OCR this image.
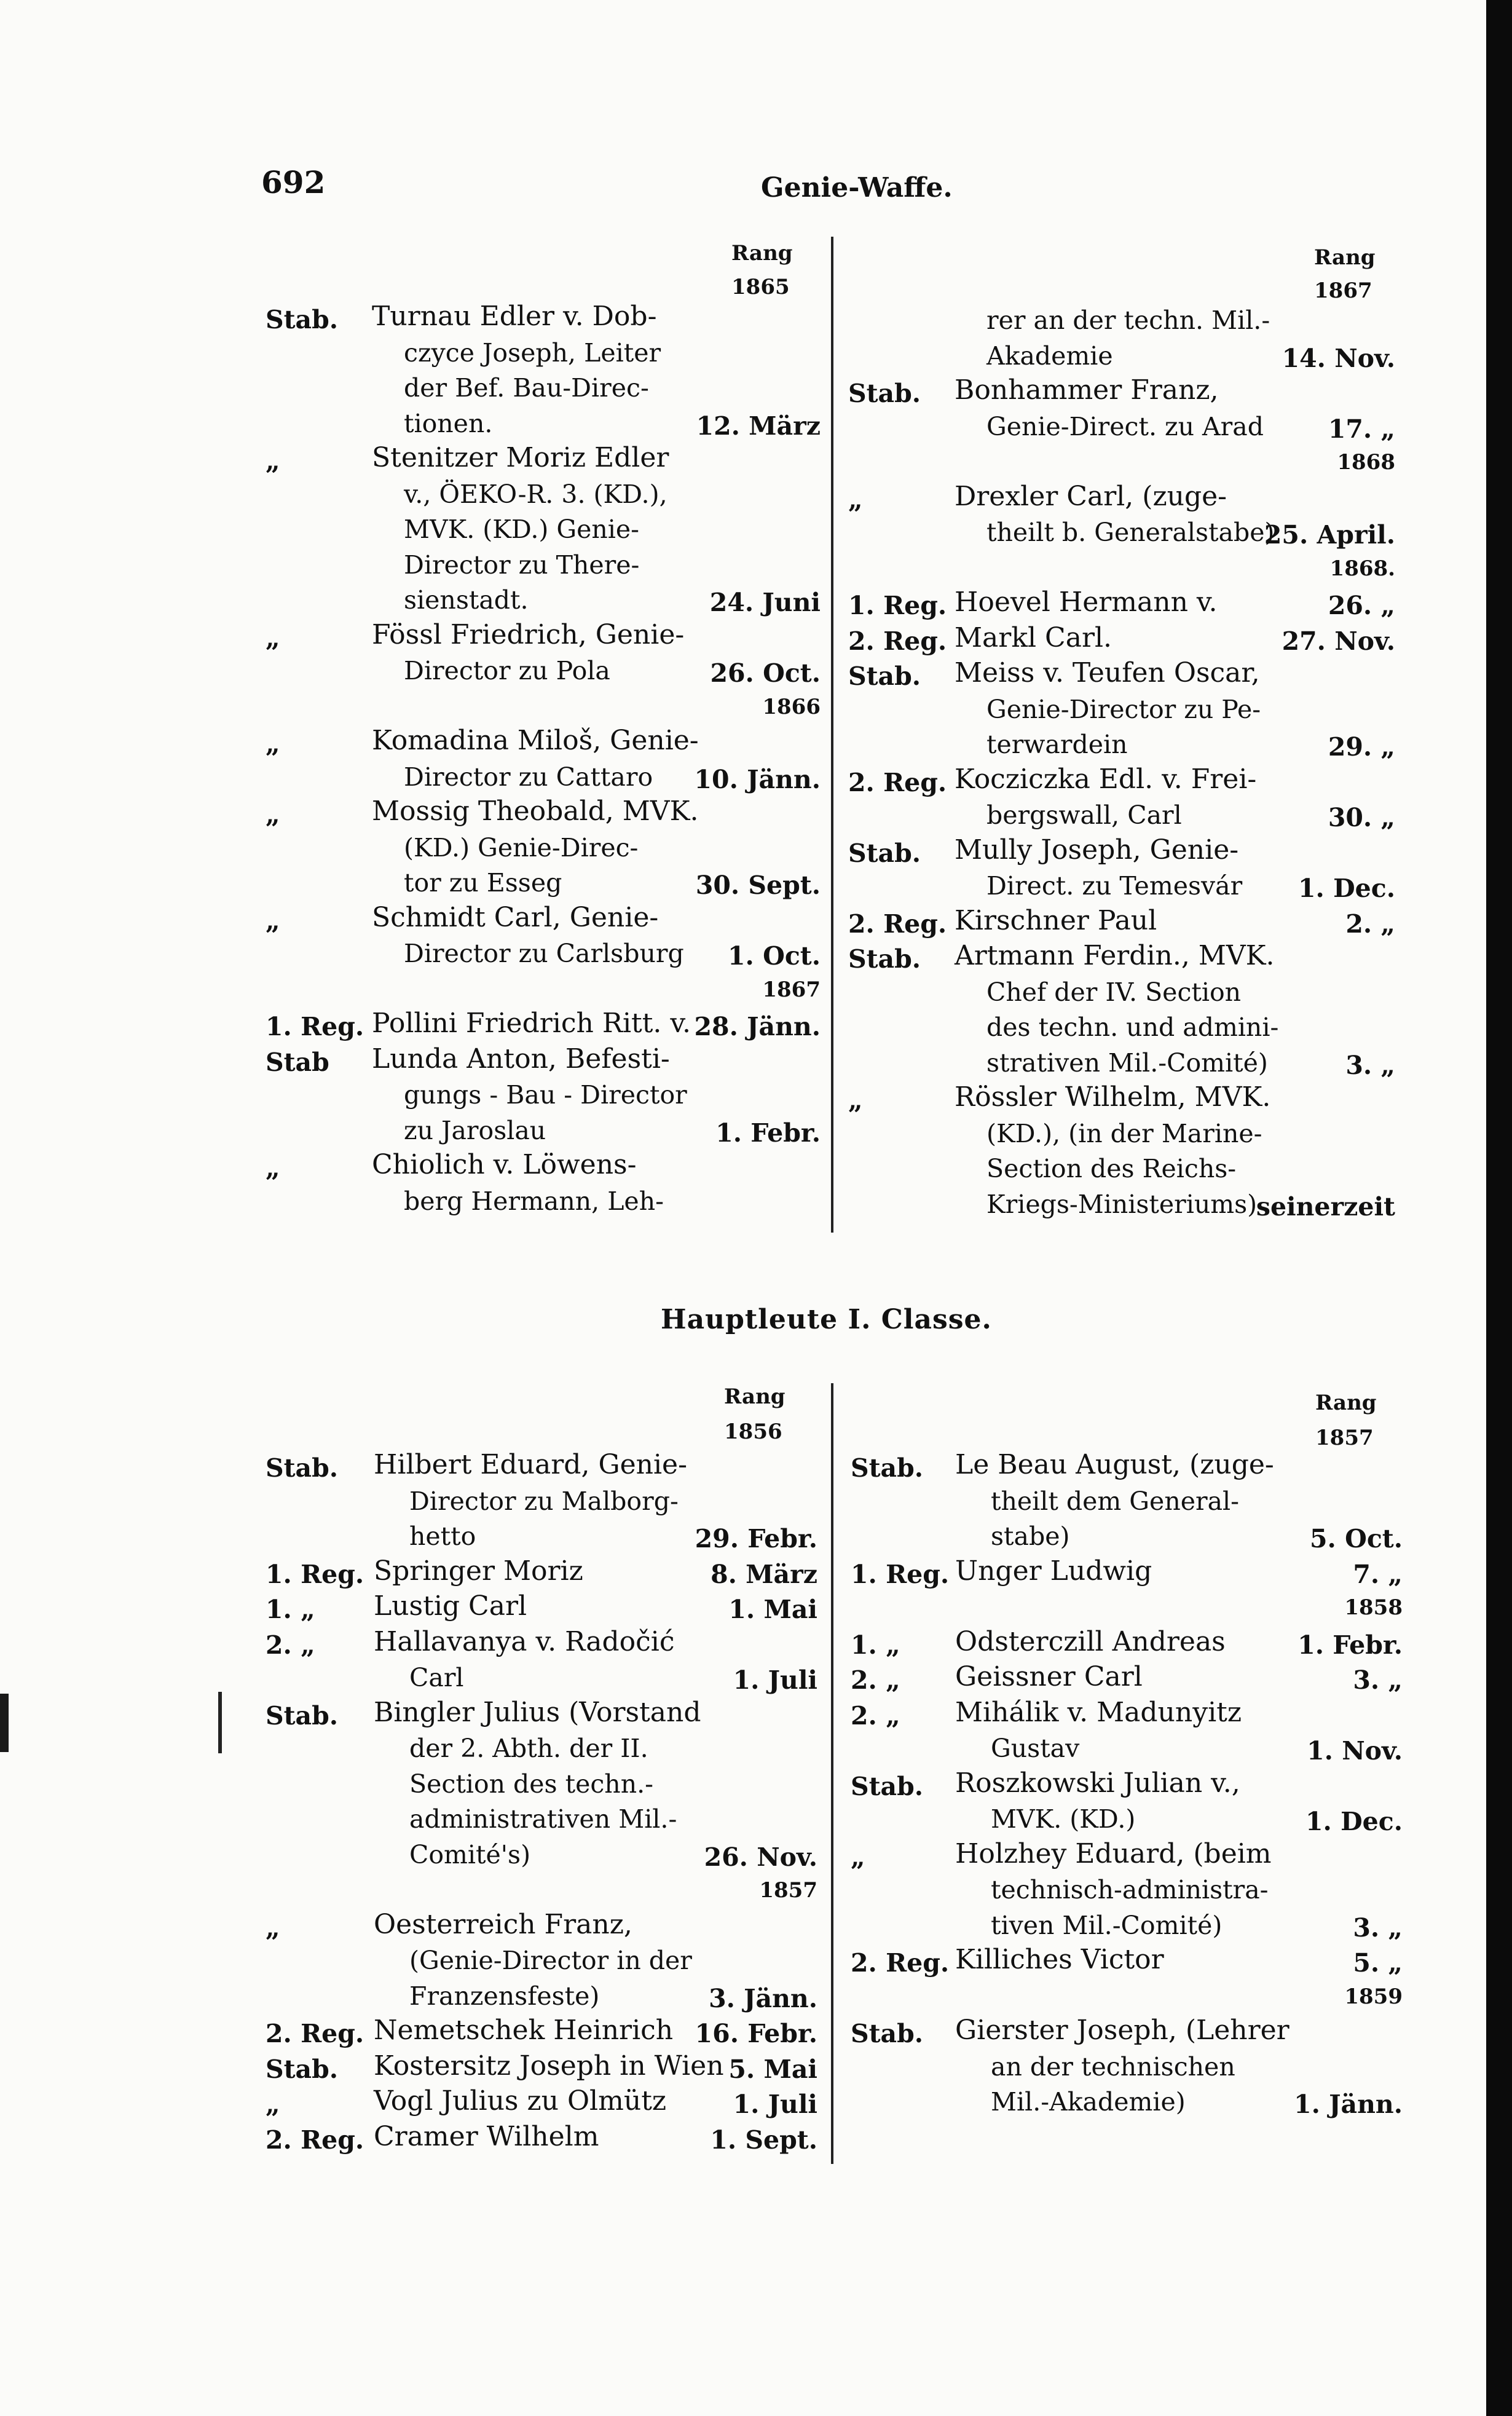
692	Genie-Waffe.
Rang
1865
Stab. Turnau Edler v. Dob-
czyce Joseph, Leiter
der Bef. Bau-Direc-
tionen.	12. März
„	Stenitzer Moriz Edler
v., ÖEKO-R. 3. (KD.),
MVK. (KD.) Genie-
Director zu There-
sienstadt.	24. Juni
„	Fössl Friedrich, Genie-
Director zu Pola	26. Oct.
1866
„	Komadina Miloš, Genie-
Director zu Cattaro 10. Jänn.
„	Mossig Theobald, MVK.
(KD.) Genie-Direc-
tor zu Esseg	30. Sept.
„	Schmidt Carl, Genie-
Director zu Carlsburg 1. Oct.
1867
1. Reg. Pollini Friedrich Ritt. v. 28. Jänn.
Stab Lunda Anton, Befesti-
gungs - Bau - Director
zu Jaroslau	1. Febr.
„	Chiolich v. Löwens-
berg Hermann, Leh-
Rang
1867
rer an der techn. Mil.-
Akademie	14. Nov.
Stab. Bonhammer Franz,
Genie-Direct. zu Arad	17. „
1868
„	Drexler Carl, (zuge-
theilt b. Generalstabe)
25. April.
1868.
1. Reg. Hoevel Hermann v.	26. „
2. Reg. Markl Carl.	27. Nov.
Stab. Meiss v. Teufen Oscar,
Genie-Director zu Pe-
terwardein	29. „
2. Reg. Kocziczka Edl. v. Frei-
bergswall, Carl	30. „
Stab. Mully Joseph, Genie-
Direct. zu Temesvár 1. Dec.
2. Reg. Kirschner Paul	2. „
Stab. Artmann Ferdin., MVK.
Chef der IV. Section
des techn. und admini-
strativen Mil.-Comité)	3. „
„	Rössler Wilhelm, MVK.
(KD.), (in der Marine-
Section des Reichs-
Kriegs-Ministeriums)
seinerzeit
Hauptleute I. Classe.
Rang
1856
Stab. Hilbert Eduard, Genie-
Director zu Malborg-
hetto	29. Febr.
1. Reg. Springer Moriz	8. März
1. „ Lustig Carl	1. Mai
2. „ Hallavanya v. Radočić
Carl	1. Juli
Stab. Bingler Julius (Vorstand
der 2. Abth. der II.
Section des techn.-
administrativen Mil.-
Comité's)	26. Nov.
1857
„	Oesterreich Franz,
(Genie-Director in der
Franzensfeste)	3. Jänn.
2. Reg. Nemetschek Heinrich 16. Febr.
Stab. Kostersitz Joseph in Wien 5. Mai
„	Vogl Julius zu Olmütz	1. Juli
2. Reg. Cramer Wilhelm	1. Sept.
Rang
1857
Stab. Le Beau August, (zuge-
theilt dem General-
stabe)	5. Oct.
1. Reg. Unger Ludwig	7. „
1858
1. „ Odsterczill Andreas	1. Febr.
2. „ Geissner Carl	3. „
2. „ Mihálik v. Madunyitz
Gustav	1. Nov.
Stab. Roszkowski Julian v.,
MVK. (KD.)	1. Dec.
„	Holzhey Eduard, (beim
technisch-administra-
tiven Mil.-Comité)	3. „
2. Reg. Killiches Victor	5. „
1859
Stab. Gierster Joseph, (Lehrer
an der technischen
Mil.-Akademie)	1. Jänn.
